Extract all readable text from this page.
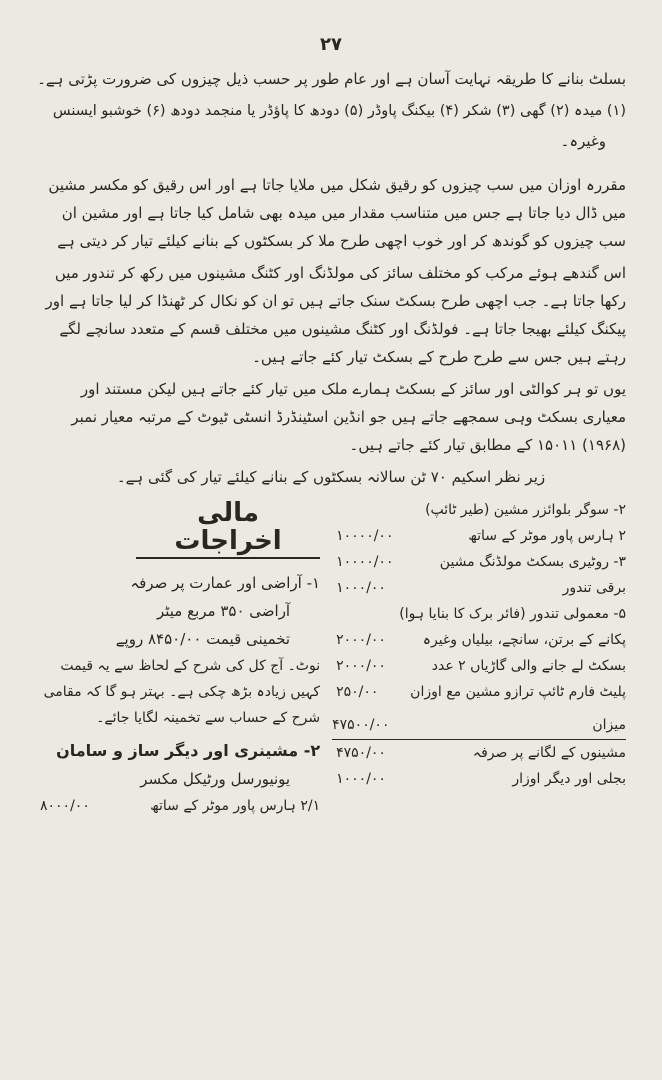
۲۷

بسلٹ بنانے کا طریقہ نہایت آسان ہے اور عام طور پر حسب ذیل چیزوں کی ضرورت پڑتی ہے۔

(۱) میدہ (۲) گھی (۳) شکر (۴) بیکنگ پاوڈر (۵) دودھ کا پاؤڈر یا منجمد دودھ (۶) خوشبو ایسنس

وغیرہ۔

مقررہ اوزان میں سب چیزوں کو رقیق شکل میں ملایا جاتا ہے اور اس رقیق کو مکسر مشین میں ڈال دیا جاتا ہے جس میں متناسب مقدار میں میدہ بھی شامل کیا جاتا ہے اور مشین ان سب چیزوں کو گوندھ کر اور خوب اچھی طرح ملا کر بسکٹوں کے بنانے کیلئے تیار کر دیتی ہے

اس گندھے ہوئے مرکب کو مختلف سائز کی مولڈنگ اور کٹنگ مشینوں میں رکھ کر تندور میں رکھا جاتا ہے۔ جب اچھی طرح بسکٹ سنک جاتے ہیں تو ان کو نکال کر ٹھنڈا کر لیا جاتا ہے اور پیکنگ کیلئے بھیجا جاتا ہے۔ فولڈنگ اور کٹنگ مشینوں میں مختلف قسم کے متعدد سانچے لگے رہتے ہیں جس سے طرح طرح کے بسکٹ تیار کئے جاتے ہیں۔

یوں تو ہر کوالٹی اور سائز کے بسکٹ ہمارے ملک میں تیار کئے جاتے ہیں لیکن مستند اور معیاری بسکٹ وہی سمجھے جاتے ہیں جو انڈین اسٹینڈرڈ انسٹی ٹیوٹ کے مرتبہ معیار نمبر (۱۹۶۸) ۱۵۰۱۱ کے مطابق تیار کئے جاتے ہیں۔

زیر نظر اسکیم ۷۰ ٹن سالانہ بسکٹوں کے بنانے کیلئے تیار کی گئی ہے۔

مالی اخراجات
۱- آراضی اور عمارت پر صرفہ
آراضی ۳۵۰ مربع میٹر
تخمینی قیمت ۸۴۵۰/۰۰ روپے
نوٹ۔ آج کل کی شرح کے لحاظ سے یہ قیمت کہیں زیادہ بڑھ چکی ہے۔ بہتر ہو گا کہ مقامی شرح کے حساب سے تخمینہ لگایا جائے۔
۲- مشینری اور دیگر ساز و سامان
یونیورسل ورٹیکل مکسر
۲/۱ ہارس پاور موٹر کے ساتھ
۸۰۰۰/۰۰
۲- سوگر بلوائزر مشین (طیر ٹائپ)
۲ ہارس پاور موٹر کے ساتھ
۱۰۰۰۰/۰۰
۳- روٹیری بسکٹ مولڈنگ مشین
۱۰۰۰۰/۰۰
برقی تندور
۱۰۰۰/۰۰
۵- معمولی تندور (فائر برک کا بنایا ہوا)
پکانے کے برتن، سانچے، بیلیاں وغیرہ
۲۰۰۰/۰۰
بسکٹ لے جانے والی گاڑیاں ۲ عدد
۲۰۰۰/۰۰
پلیٹ فارم ٹائپ ترازو مشین مع اوزان
۲۵۰/۰۰
میزان
۴۷۵۰۰/۰۰
مشینوں کے لگانے پر صرفہ
۴۷۵۰/۰۰
بجلی اور دیگر اوزار
۱۰۰۰/۰۰
